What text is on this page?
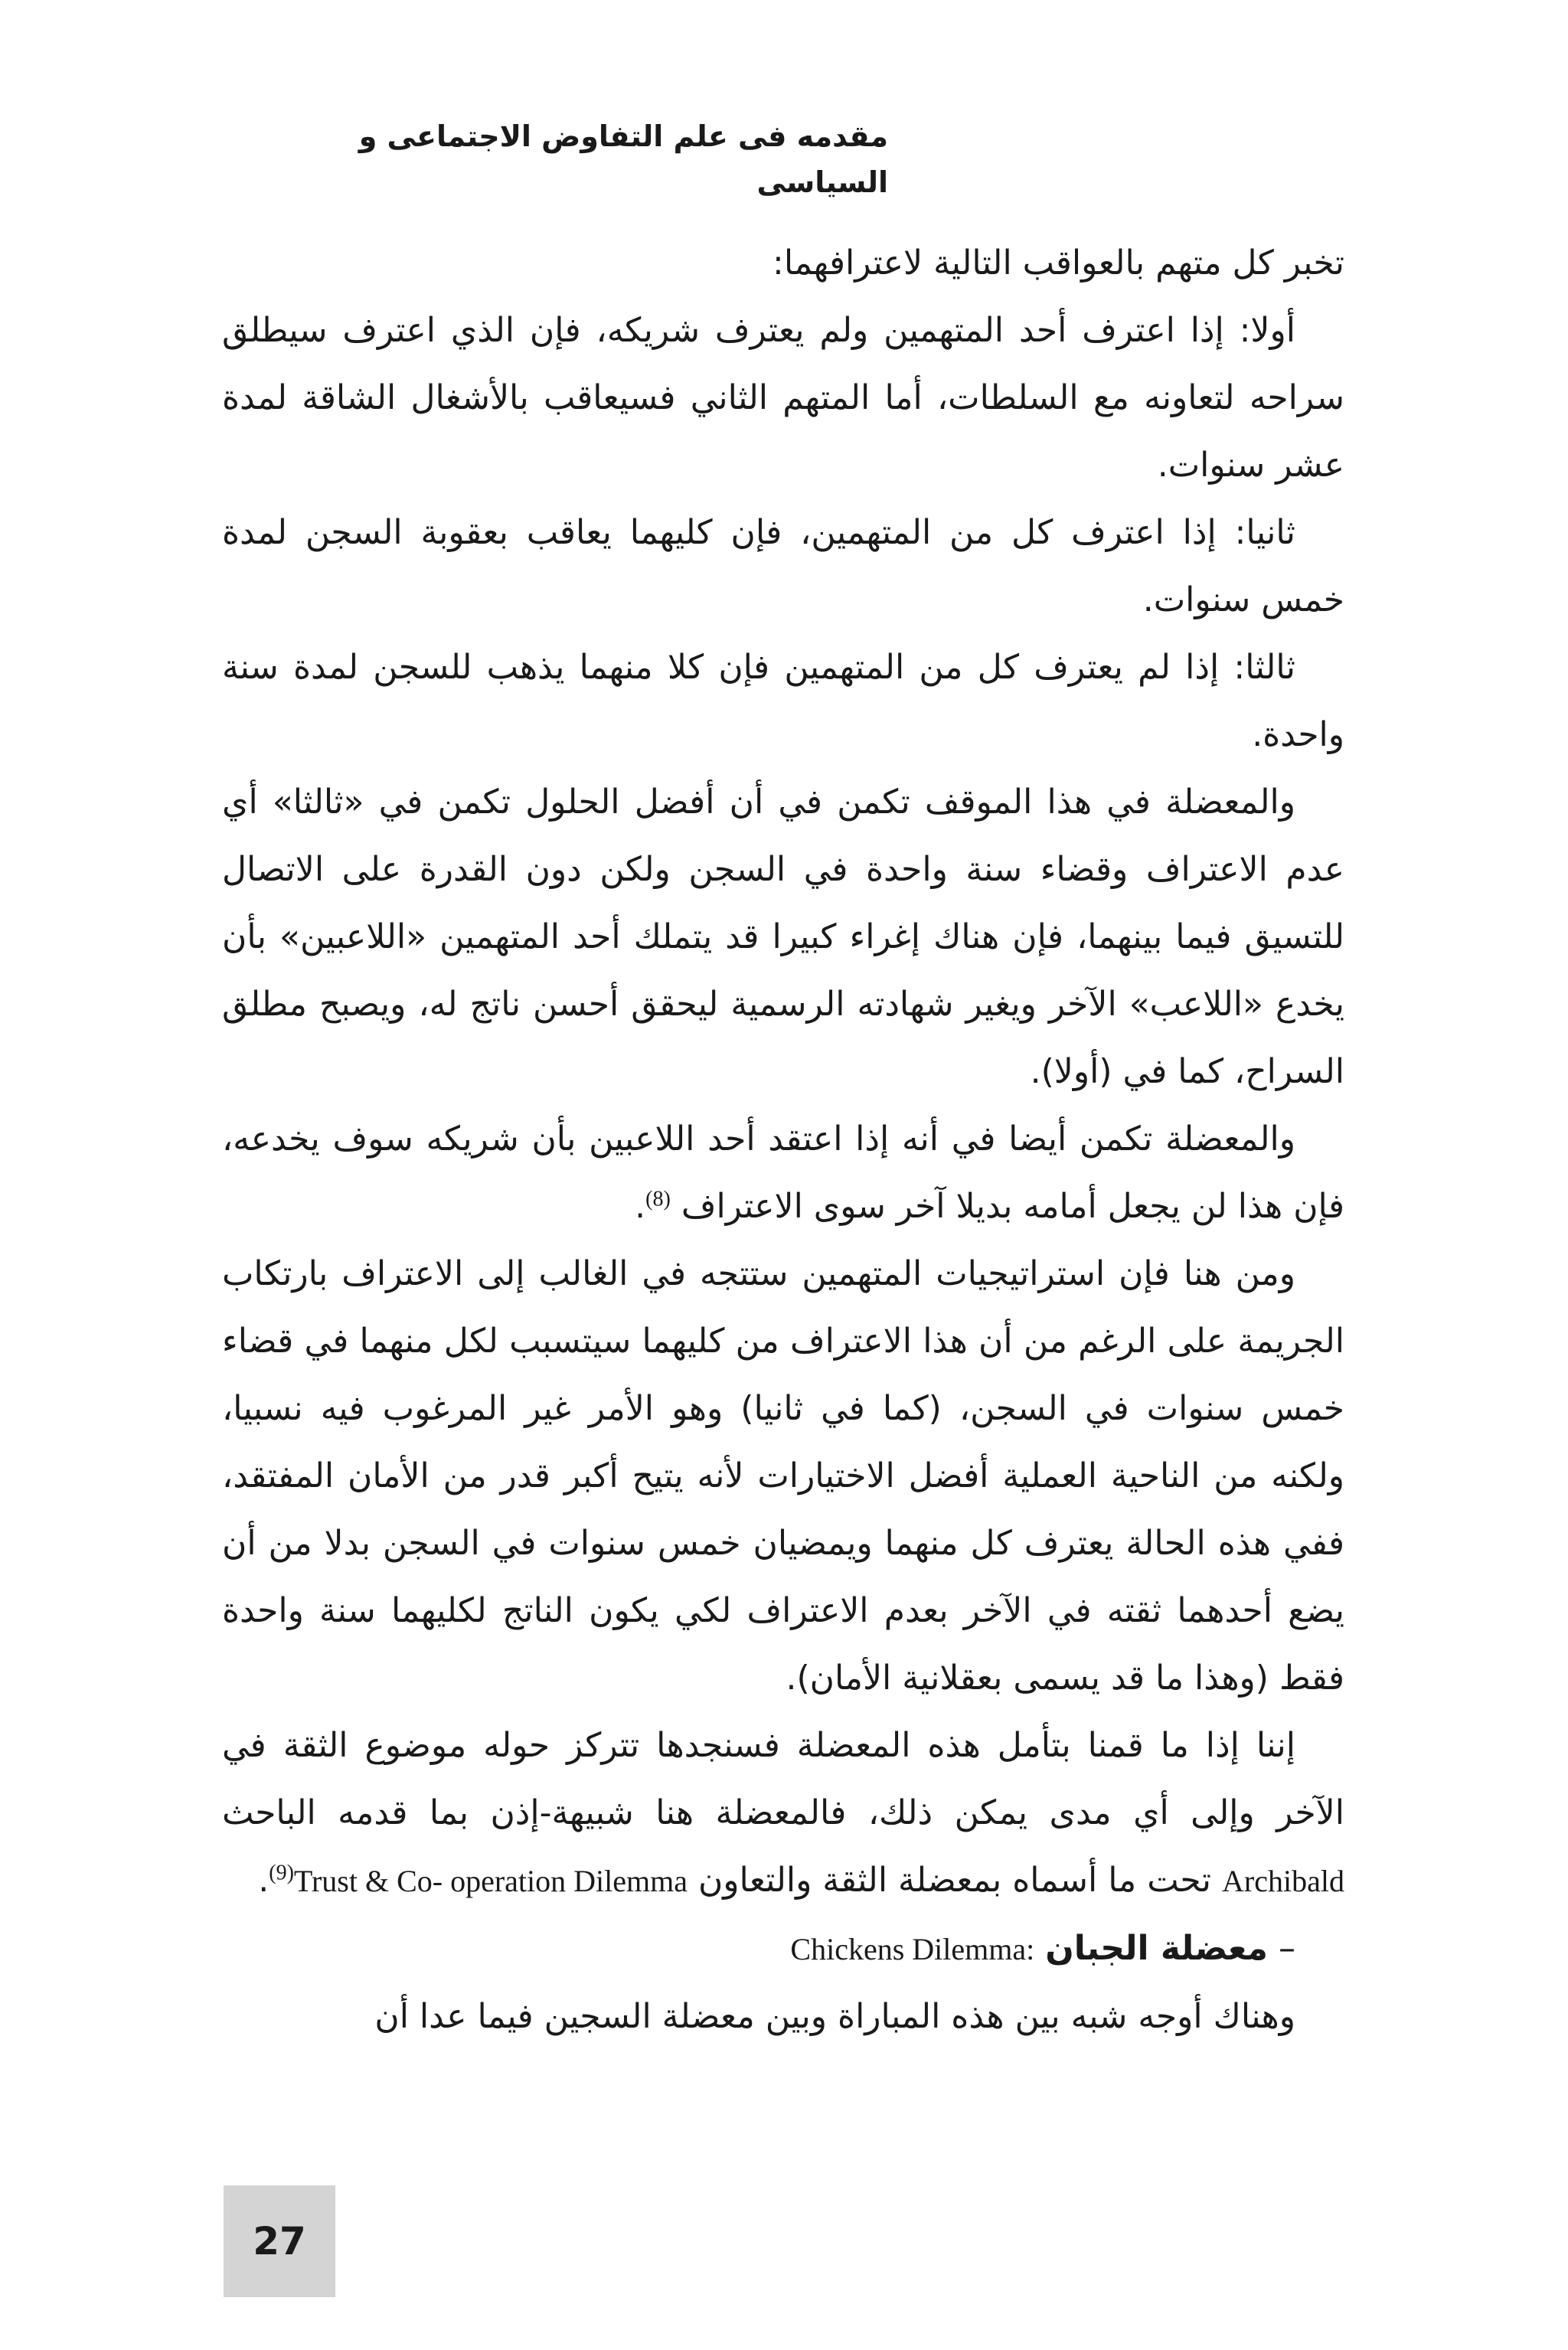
مقدمه فى علم التفاوض الاجتماعى و السياسى

تخبر كل متهم بالعواقب التالية لاعترافهما:

أولا: إذا اعترف أحد المتهمين ولم يعترف شريكه، فإن الذي اعترف سيطلق سراحه لتعاونه مع السلطات، أما المتهم الثاني فسيعاقب بالأشغال الشاقة لمدة عشر سنوات.

ثانيا: إذا اعترف كل من المتهمين، فإن كليهما يعاقب بعقوبة السجن لمدة خمس سنوات.

ثالثا: إذا لم يعترف كل من المتهمين فإن كلا منهما يذهب للسجن لمدة سنة واحدة.

والمعضلة في هذا الموقف تكمن في أن أفضل الحلول تكمن في «ثالثا» أي عدم الاعتراف وقضاء سنة واحدة في السجن ولكن دون القدرة على الاتصال للتسيق فيما بينهما، فإن هناك إغراء كبيرا قد يتملك أحد المتهمين «اللاعبين» بأن يخدع «اللاعب» الآخر ويغير شهادته الرسمية ليحقق أحسن ناتج له، ويصبح مطلق السراح، كما في (أولا).

والمعضلة تكمن أيضا في أنه إذا اعتقد أحد اللاعبين بأن شريكه سوف يخدعه، فإن هذا لن يجعل أمامه بديلا آخر سوى الاعتراف $^{(8)}$.

ومن هنا فإن استراتيجيات المتهمين ستتجه في الغالب إلى الاعتراف بارتكاب الجريمة على الرغم من أن هذا الاعتراف من كليهما سيتسبب لكل منهما في قضاء خمس سنوات في السجن، (كما في ثانيا) وهو الأمر غير المرغوب فيه نسبيا، ولكنه من الناحية العملية أفضل الاختيارات لأنه يتيح أكبر قدر من الأمان المفتقد، ففي هذه الحالة يعترف كل منهما ويمضيان خمس سنوات في السجن بدلا من أن يضع أحدهما ثقته في الآخر بعدم الاعتراف لكي يكون الناتج لكليهما سنة واحدة فقط (وهذا ما قد يسمى بعقلانية الأمان).

إننا إذا ما قمنا بتأمل هذه المعضلة فسنجدها تتركز حوله موضوع الثقة في الآخر وإلى أي مدى يمكن ذلك، فالمعضلة هنا شبيهة-إذن بما قدمه الباحث Archibald تحت ما أسماه بمعضلة الثقة والتعاون Trust & Co- operation Dilemma$^{(9)}$.

– معضلة الجبان Chickens Dilemma:

وهناك أوجه شبه بين هذه المباراة وبين معضلة السجين فيما عدا أن

27
